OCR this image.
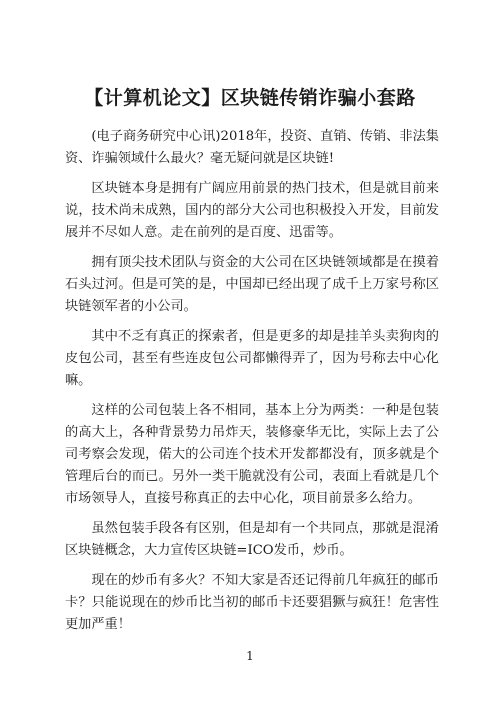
【计算机论文】区块链传销诈骗小套路

(电子商务研究中心讯)2018年，投资、直销、传销、非法集资、诈骗领域什么最火？毫无疑问就是区块链!

区块链本身是拥有广阔应用前景的热门技术，但是就目前来说，技术尚未成熟，国内的部分大公司也积极投入开发，目前发展并不尽如人意。走在前列的是百度、迅雷等。

拥有顶尖技术团队与资金的大公司在区块链领域都是在摸着石头过河。但是可笑的是，中国却已经出现了成千上万家号称区块链领军者的小公司。

其中不乏有真正的探索者，但是更多的却是挂羊头卖狗肉的皮包公司，甚至有些连皮包公司都懒得弄了，因为号称去中心化嘛。

这样的公司包装上各不相同，基本上分为两类：一种是包装的高大上，各种背景势力吊炸天，装修豪华无比，实际上去了公司考察会发现，偌大的公司连个技术开发都都没有，顶多就是个管理后台的而已。另外一类干脆就没有公司，表面上看就是几个市场领导人，直接号称真正的去中心化，项目前景多么给力。

虽然包装手段各有区别，但是却有一个共同点，那就是混淆区块链概念，大力宣传区块链=ICO发币，炒币。

现在的炒币有多火？不知大家是否还记得前几年疯狂的邮币卡？只能说现在的炒币比当初的邮币卡还要猖獗与疯狂！危害性更加严重！

1
